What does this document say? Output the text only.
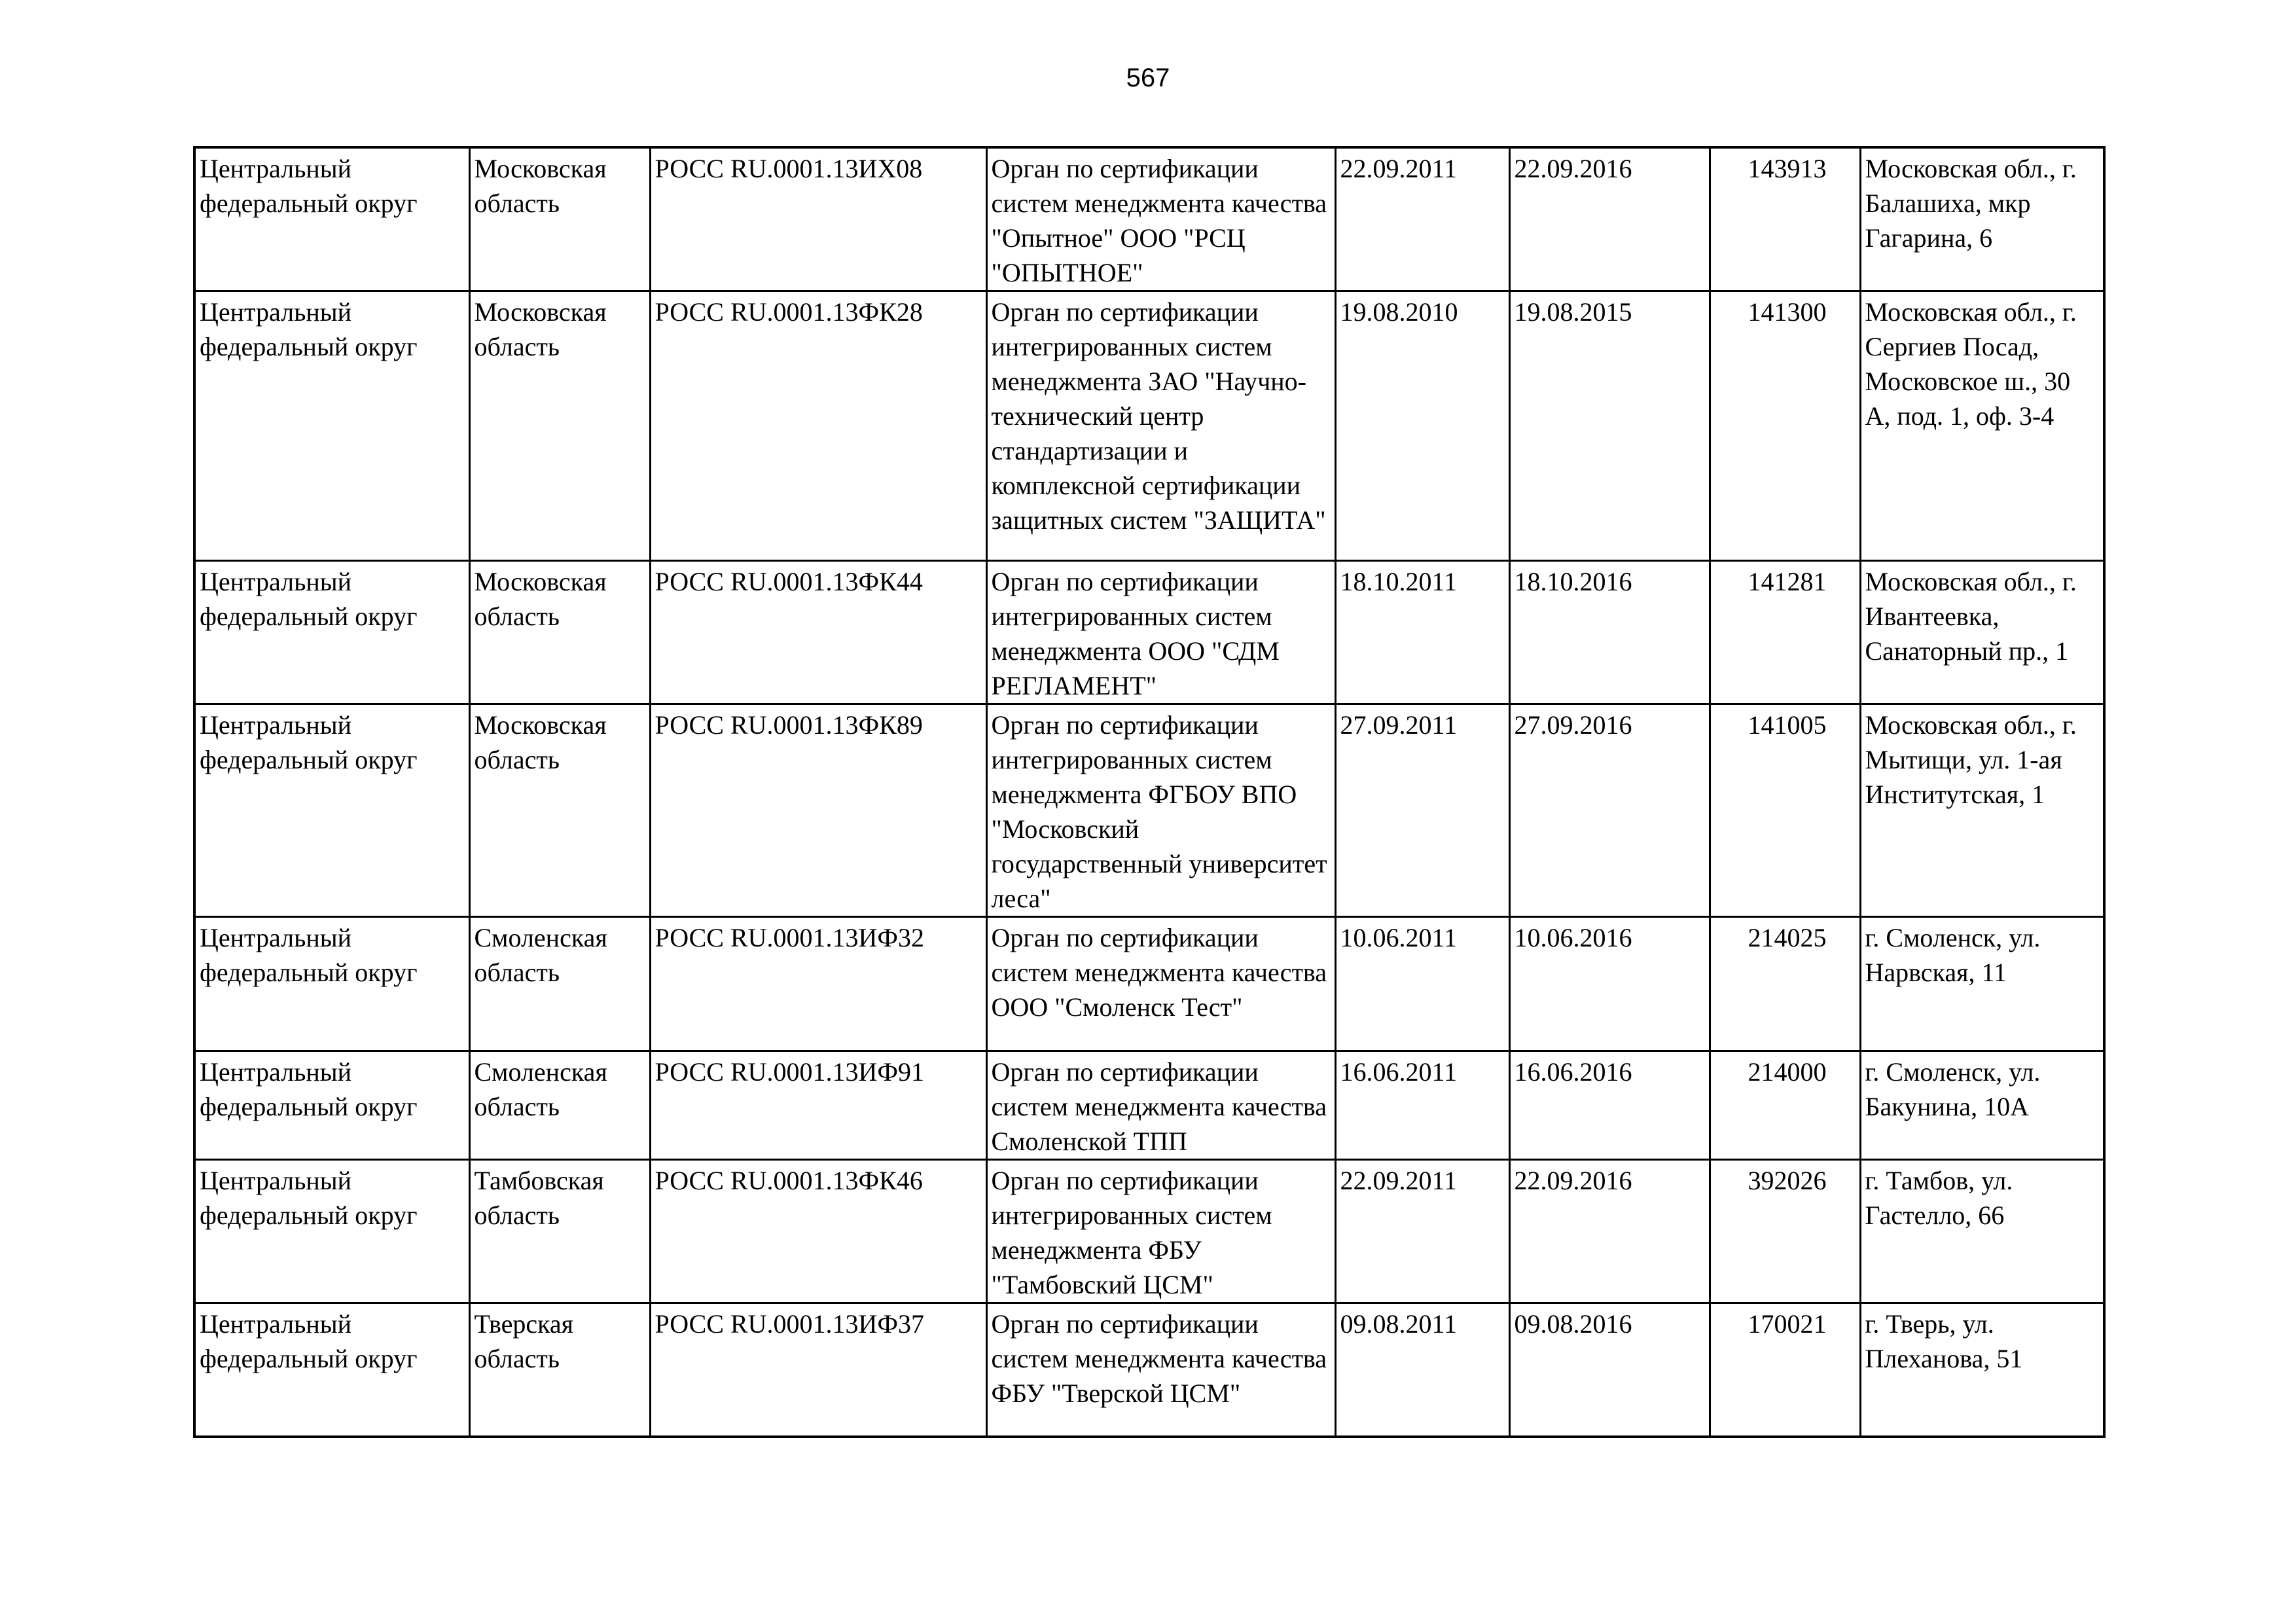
567
Центральный федеральный округ	Московская область	РОСС RU.0001.13ИХ08	Орган по сертификации систем менеджмента качества "Опытное" ООО "РСЦ "ОПЫТНОЕ"	22.09.2011	22.09.2016	143913	Московская обл., г. Балашиха, мкр Гагарина, 6
Центральный федеральный округ	Московская область	РОСС RU.0001.13ФК28	Орган по сертификации интегрированных систем менеджмента ЗАО "Научно-технический центр стандартизации и комплексной сертификации защитных систем "ЗАЩИТА"	19.08.2010	19.08.2015	141300	Московская обл., г. Сергиев Посад, Московское ш., 30 А, под. 1, оф. 3-4
Центральный федеральный округ	Московская область	РОСС RU.0001.13ФК44	Орган по сертификации интегрированных систем менеджмента ООО "СДМ РЕГЛАМЕНТ"	18.10.2011	18.10.2016	141281	Московская обл., г. Ивантеевка, Санаторный пр., 1
Центральный федеральный округ	Московская область	РОСС RU.0001.13ФК89	Орган по сертификации интегрированных систем менеджмента ФГБОУ ВПО "Московский государственный университет леса"	27.09.2011	27.09.2016	141005	Московская обл., г. Мытищи, ул. 1-ая Институтская, 1
Центральный федеральный округ	Смоленская область	РОСС RU.0001.13ИФ32	Орган по сертификации систем менеджмента качества ООО "Смоленск Тест"	10.06.2011	10.06.2016	214025	г. Смоленск, ул. Нарвская, 11
Центральный федеральный округ	Смоленская область	РОСС RU.0001.13ИФ91	Орган по сертификации систем менеджмента качества Смоленской ТПП	16.06.2011	16.06.2016	214000	г. Смоленск, ул. Бакунина, 10А
Центральный федеральный округ	Тамбовская область	РОСС RU.0001.13ФК46	Орган по сертификации интегрированных систем менеджмента ФБУ "Тамбовский ЦСМ"	22.09.2011	22.09.2016	392026	г. Тамбов, ул. Гастелло, 66
Центральный федеральный округ	Тверская область	РОСС RU.0001.13ИФ37	Орган по сертификации систем менеджмента качества ФБУ "Тверской ЦСМ"	09.08.2011	09.08.2016	170021	г. Тверь, ул. Плеханова, 51
